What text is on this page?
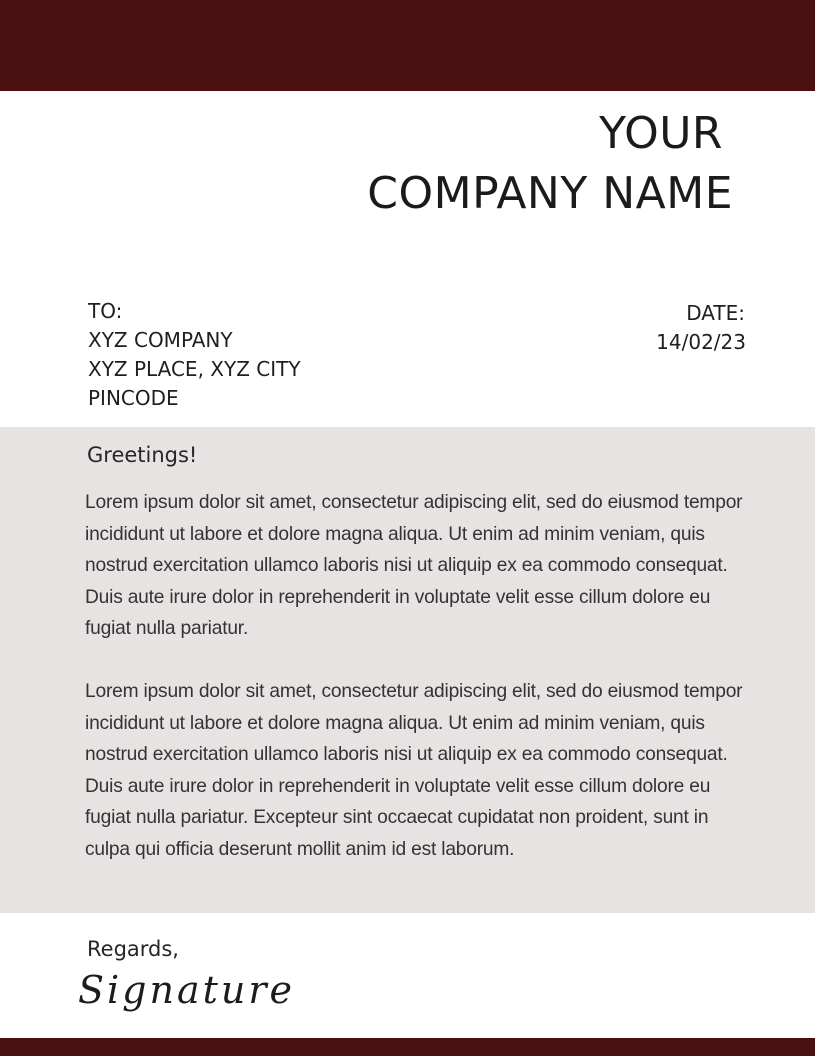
YOUR
COMPANY NAME
TO:
XYZ COMPANY
XYZ PLACE, XYZ CITY
PINCODE
DATE:
14/02/23
Greetings!

Lorem ipsum dolor sit amet, consectetur adipiscing elit, sed do eiusmod tempor incididunt ut labore et dolore magna aliqua. Ut enim ad minim veniam, quis nostrud exercitation ullamco laboris nisi ut aliquip ex ea commodo consequat. Duis aute irure dolor in reprehenderit in voluptate velit esse cillum dolore eu fugiat nulla pariatur.

Lorem ipsum dolor sit amet, consectetur adipiscing elit, sed do eiusmod tempor incididunt ut labore et dolore magna aliqua. Ut enim ad minim veniam, quis nostrud exercitation ullamco laboris nisi ut aliquip ex ea commodo consequat. Duis aute irure dolor in reprehenderit in voluptate velit esse cillum dolore eu fugiat nulla pariatur. Excepteur sint occaecat cupidatat non proident, sunt in culpa qui officia deserunt mollit anim id est laborum.

Regards,
Signature
